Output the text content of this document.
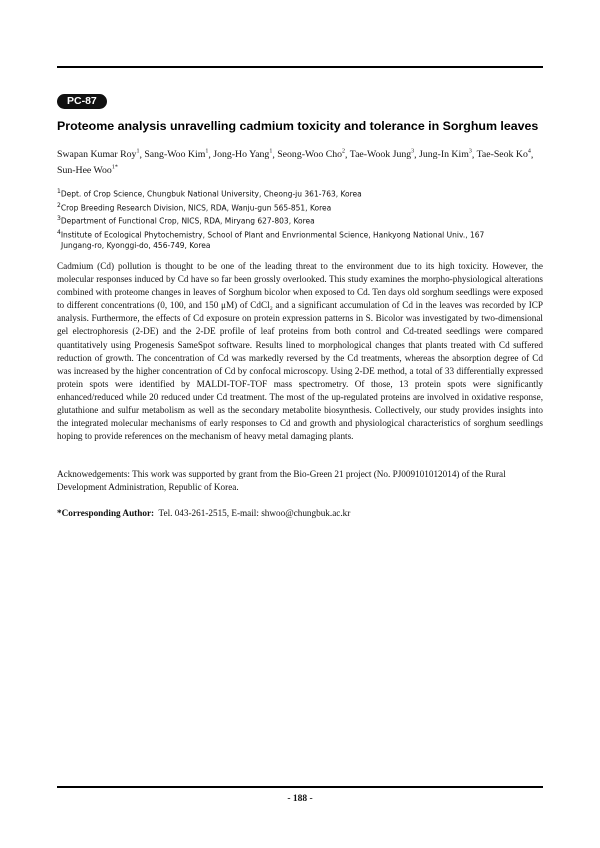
PC-87
Proteome analysis unravelling cadmium toxicity and tolerance in Sorghum leaves
Swapan Kumar Roy$^1$, Sang-Woo Kim$^1$, Jong-Ho Yang$^1$, Seong-Woo Cho$^2$, Tae-Wook Jung$^3$, Jung-In Kim$^3$, Tae-Seok Ko$^4$, Sun-Hee Woo$^{1*}$
$^1$Dept. of Crop Science, Chungbuk National University, Cheong-ju 361-763, Korea
$^2$Crop Breeding Research Division, NICS, RDA, Wanju-gun 565-851, Korea
$^3$Department of Functional Crop, NICS, RDA, Miryang 627-803, Korea
$^4$Institute of Ecological Phytochemistry, School of Plant and Envrionmental Science, Hankyong National Univ., 167
Jungang-ro, Kyonggi-do, 456-749, Korea

Cadmium (Cd) pollution is thought to be one of the leading threat to the environment due to its high toxicity. However, the molecular responses induced by Cd have so far been grossly overlooked. This study examines the morpho-physiological alterations combined with proteome changes in leaves of Sorghum bicolor when exposed to Cd. Ten days old sorghum seedlings were exposed to different concentrations (0, 100, and 150 μM) of CdCl₂ and a significant accumulation of Cd in the leaves was recorded by ICP analysis. Furthermore, the effects of Cd exposure on protein expression patterns in S. Bicolor was investigated by two-dimensional gel electrophoresis (2-DE) and the 2-DE profile of leaf proteins from both control and Cd-treated seedlings were compared quantitatively using Progenesis SameSpot software. Results lined to morphological changes that plants treated with Cd suffered reduction of growth. The concentration of Cd was markedly reversed by the Cd treatments, whereas the absorption degree of Cd was increased by the higher concentration of Cd by confocal microscopy. Using 2-DE method, a total of 33 differentially expressed protein spots were identified by MALDI-TOF-TOF mass spectrometry. Of those, 13 protein spots were significantly enhanced/reduced while 20 reduced under Cd treatment. The most of the up-regulated proteins are involved in oxidative response, glutathione and sulfur metabolism as well as the secondary metabolite biosynthesis. Collectively, our study provides insights into the integrated molecular mechanisms of early responses to Cd and growth and physiological characteristics of sorghum seedlings hoping to provide references on the mechanism of heavy metal damaging plants.

Acknowedgements: This work was supported by grant from the Bio-Green 21 project (No. PJ009101012014) of the Rural Development Administration, Republic of Korea.

*Corresponding Author: Tel. 043-261-2515, E-mail: shwoo@chungbuk.ac.kr

- 188 -
